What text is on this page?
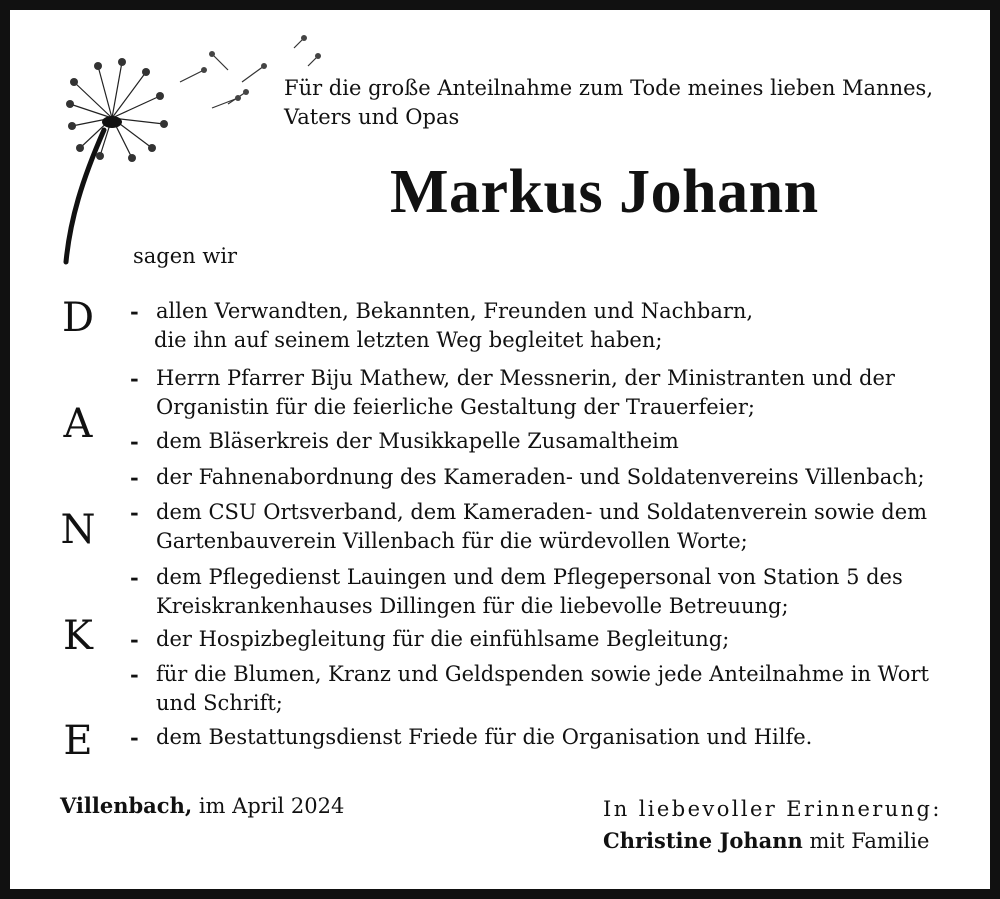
Für die große Anteilnahme zum Tode meines lieben Mannes,
Vaters und Opas
Markus Johann
sagen wir
D
A
N
K
E
- allen Verwandten, Bekannten, Freunden und Nachbarn,
die ihn auf seinem letzten Weg begleitet haben;
- Herrn Pfarrer Biju Mathew, der Messnerin, der Ministranten und der
Organistin für die feierliche Gestaltung der Trauerfeier;
- dem Bläserkreis der Musikkapelle Zusamaltheim
- der Fahnenabordnung des Kameraden- und Soldatenvereins Villenbach;
- dem CSU Ortsverband, dem Kameraden- und Soldatenverein sowie dem
Gartenbauverein Villenbach für die würdevollen Worte;
- dem Pflegedienst Lauingen und dem Pflegepersonal von Station 5 des
Kreiskrankenhauses Dillingen für die liebevolle Betreuung;
- der Hospizbegleitung für die einfühlsame Begleitung;
- für die Blumen, Kranz und Geldspenden sowie jede Anteilnahme in Wort
und Schrift;
- dem Bestattungsdienst Friede für die Organisation und Hilfe.
Villenbach, im April 2024	In liebevoller Erinnerung:
Christine Johann mit Familie
